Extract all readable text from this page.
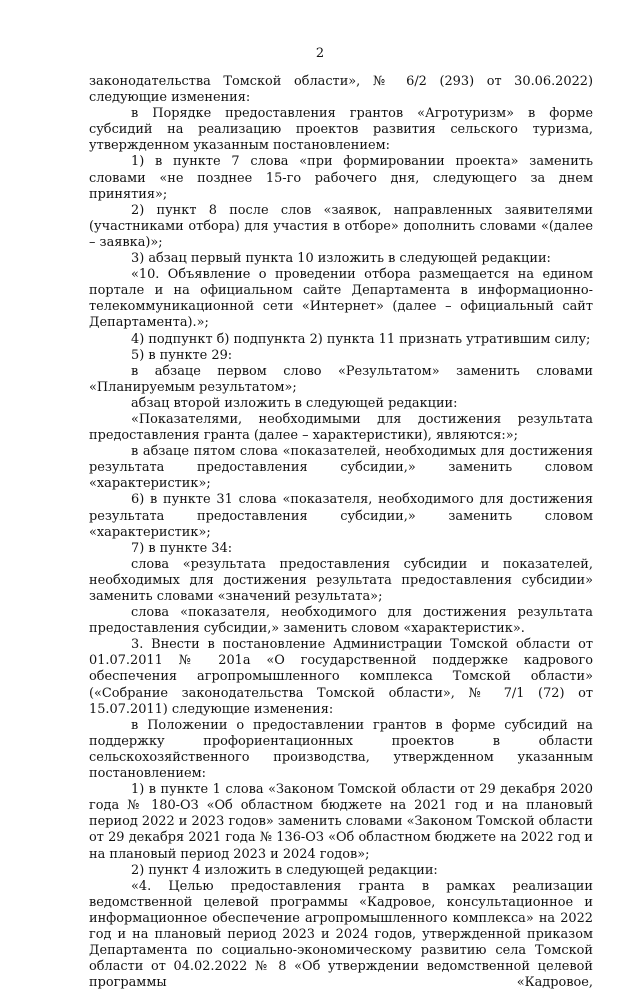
2

законодательства Томской области», № 6/2 (293) от 30.06.2022) следующие изменения:

в Порядке предоставления грантов «Агротуризм» в форме субсидий на реализацию проектов развития сельского туризма, утвержденном указанным постановлением:

1) в пункте 7 слова «при формировании проекта» заменить словами «не позднее 15-го рабочего дня, следующего за днем принятия»;

2) пункт 8 после слов «заявок, направленных заявителями (участниками отбора) для участия в отборе» дополнить словами «(далее – заявка)»;

3) абзац первый пункта 10 изложить в следующей редакции:

«10. Объявление о проведении отбора размещается на едином портале и на официальном сайте Департамента в информационно-телекоммуникационной сети «Интернет» (далее – официальный сайт Департамента).»;

4) подпункт б) подпункта 2) пункта 11 признать утратившим силу;

5) в пункте 29:

в абзаце первом слово «Результатом» заменить словами «Планируемым результатом»;

абзац второй изложить в следующей редакции:

«Показателями, необходимыми для достижения результата предоставления гранта (далее – характеристики), являются:»;

в абзаце пятом слова «показателей, необходимых для достижения результата предоставления субсидии,» заменить словом «характеристик»;

6) в пункте 31 слова «показателя, необходимого для достижения результата предоставления субсидии,» заменить словом «характеристик»;

7) в пункте 34:

слова «результата предоставления субсидии и показателей, необходимых для достижения результата предоставления субсидии» заменить словами «значений результата»;

слова «показателя, необходимого для достижения результата предоставления субсидии,» заменить словом «характеристик».

3. Внести в постановление Администрации Томской области от 01.07.2011 № 201а «О государственной поддержке кадрового обеспечения агропромышленного комплекса Томской области» («Собрание законодательства Томской области», № 7/1 (72) от 15.07.2011) следующие изменения:

в Положении о предоставлении грантов в форме субсидий на поддержку профориентационных проектов в области сельскохозяйственного производства, утвержденном указанным постановлением:

1) в пункте 1 слова «Законом Томской области от 29 декабря 2020 года № 180-ОЗ «Об областном бюджете на 2021 год и на плановый период 2022 и 2023 годов» заменить словами «Законом Томской области от 29 декабря 2021 года № 136-ОЗ «Об областном бюджете на 2022 год и на плановый период 2023 и 2024 годов»;

2) пункт 4 изложить в следующей редакции:

«4. Целью предоставления гранта в рамках реализации ведомственной целевой программы «Кадровое, консультационное и информационное обеспечение агропромышленного комплекса» на 2022 год и на плановый период 2023 и 2024 годов, утвержденной приказом Департамента по социально-экономическому развитию села Томской области от 04.02.2022 № 8 «Об утверждении ведомственной целевой программы «Кадровое,
